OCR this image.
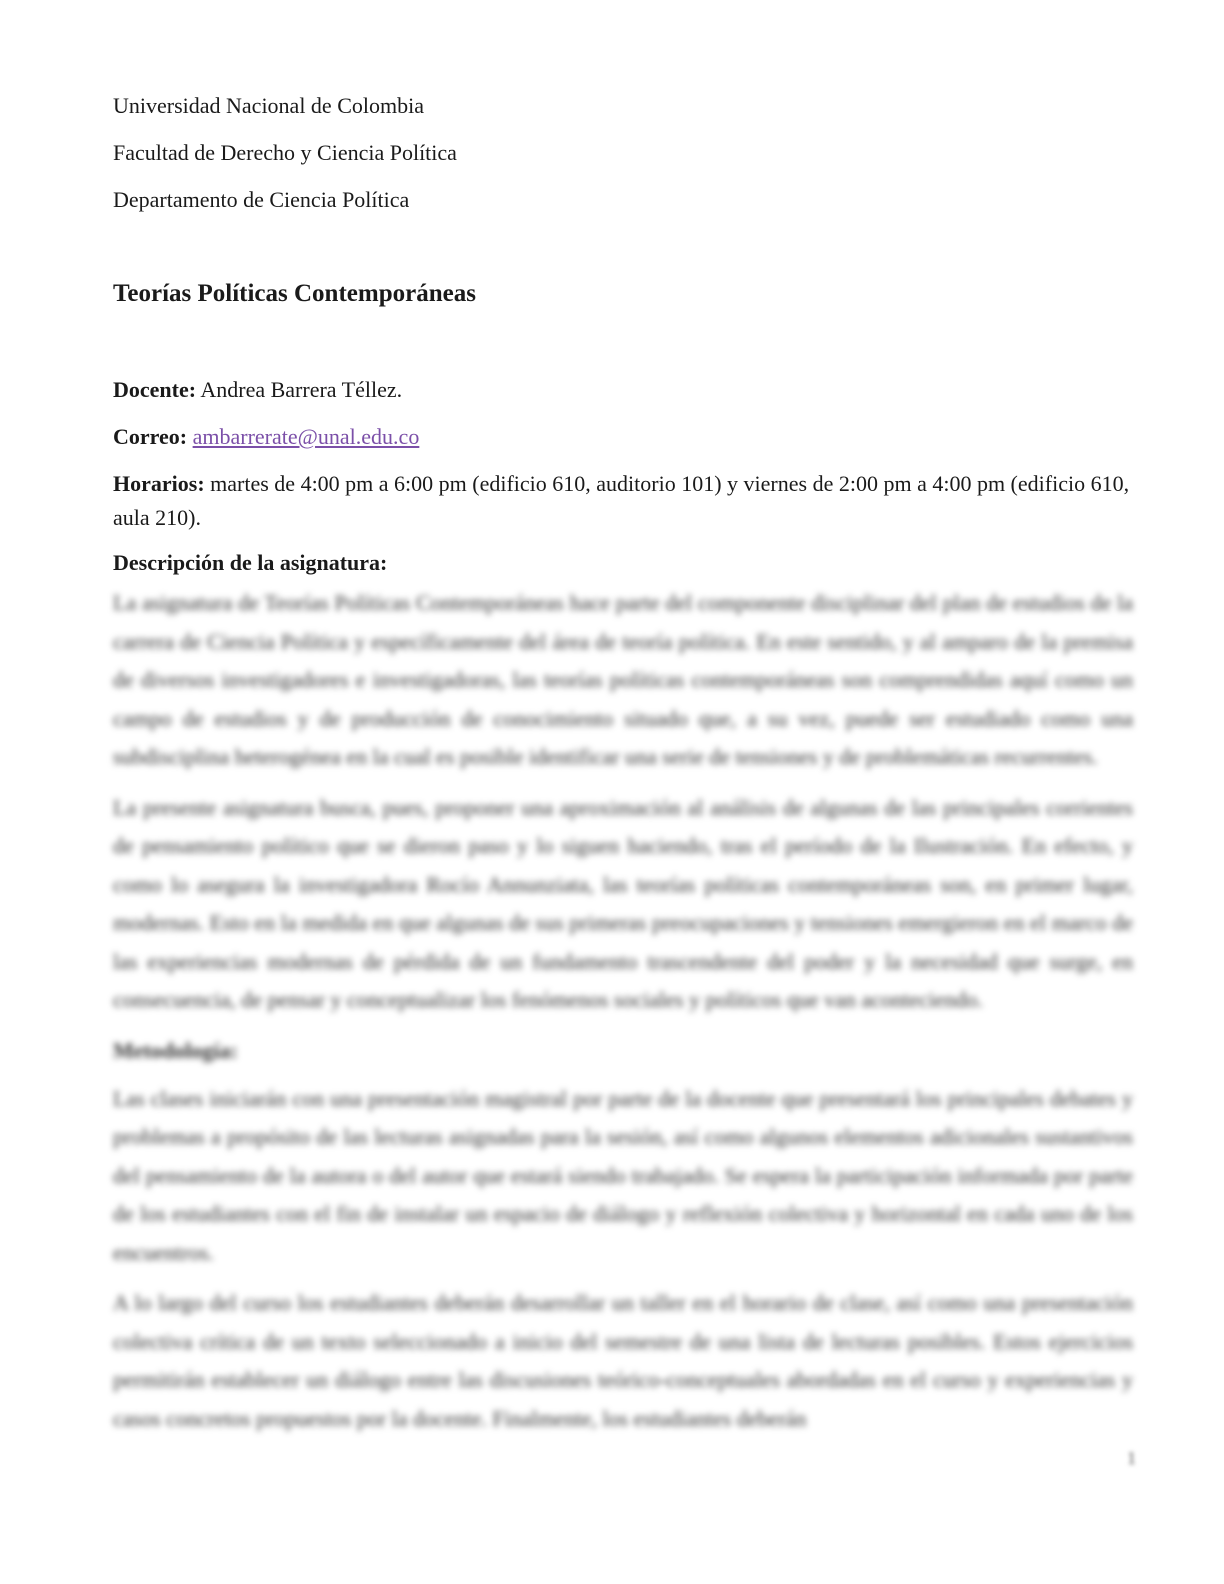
Universidad Nacional de Colombia

Facultad de Derecho y Ciencia Política

Departamento de Ciencia Política

Teorías Políticas Contemporáneas

Docente: Andrea Barrera Téllez.

Correo: ambarrerate@unal.edu.co

Horarios: martes de 4:00 pm a 6:00 pm (edificio 610, auditorio 101) y viernes de 2:00 pm a 4:00 pm (edificio 610, aula 210).

Descripción de la asignatura:

La asignatura de Teorías Políticas Contemporáneas hace parte del componente disciplinar del plan de estudios de la carrera de Ciencia Política y específicamente del área de teoría política. En este sentido, y al amparo de la premisa de diversos investigadores e investigadoras, las teorías políticas contemporáneas son comprendidas aquí como un campo de estudios y de producción de conocimiento situado que, a su vez, puede ser estudiado como una subdisciplina heterogénea en la cual es posible identificar una serie de tensiones y de problemáticas recurrentes.

La presente asignatura busca, pues, proponer una aproximación al análisis de algunas de las principales corrientes de pensamiento político que se dieron paso y lo siguen haciendo, tras el período de la Ilustración. En efecto, y como lo asegura la investigadora Rocío Annunziata, las teorías políticas contemporáneas son, en primer lugar, modernas. Esto en la medida en que algunas de sus primeras preocupaciones y tensiones emergieron en el marco de las experiencias modernas de pérdida de un fundamento trascendente del poder y la necesidad que surge, en consecuencia, de pensar y conceptualizar los fenómenos sociales y políticos que van aconteciendo.

Metodología:

Las clases iniciarán con una presentación magistral por parte de la docente que presentará los principales debates y problemas a propósito de las lecturas asignadas para la sesión, así como algunos elementos adicionales sustantivos del pensamiento de la autora o del autor que estará siendo trabajado. Se espera la participación informada por parte de los estudiantes con el fin de instalar un espacio de diálogo y reflexión colectiva y horizontal en cada uno de los encuentros.

A lo largo del curso los estudiantes deberán desarrollar un taller en el horario de clase, así como una presentación colectiva crítica de un texto seleccionado a inicio del semestre de una lista de lecturas posibles. Estos ejercicios permitirán establecer un diálogo entre las discusiones teórico-conceptuales abordadas en el curso y experiencias y casos concretos propuestos por la docente. Finalmente, los estudiantes deberán

1
